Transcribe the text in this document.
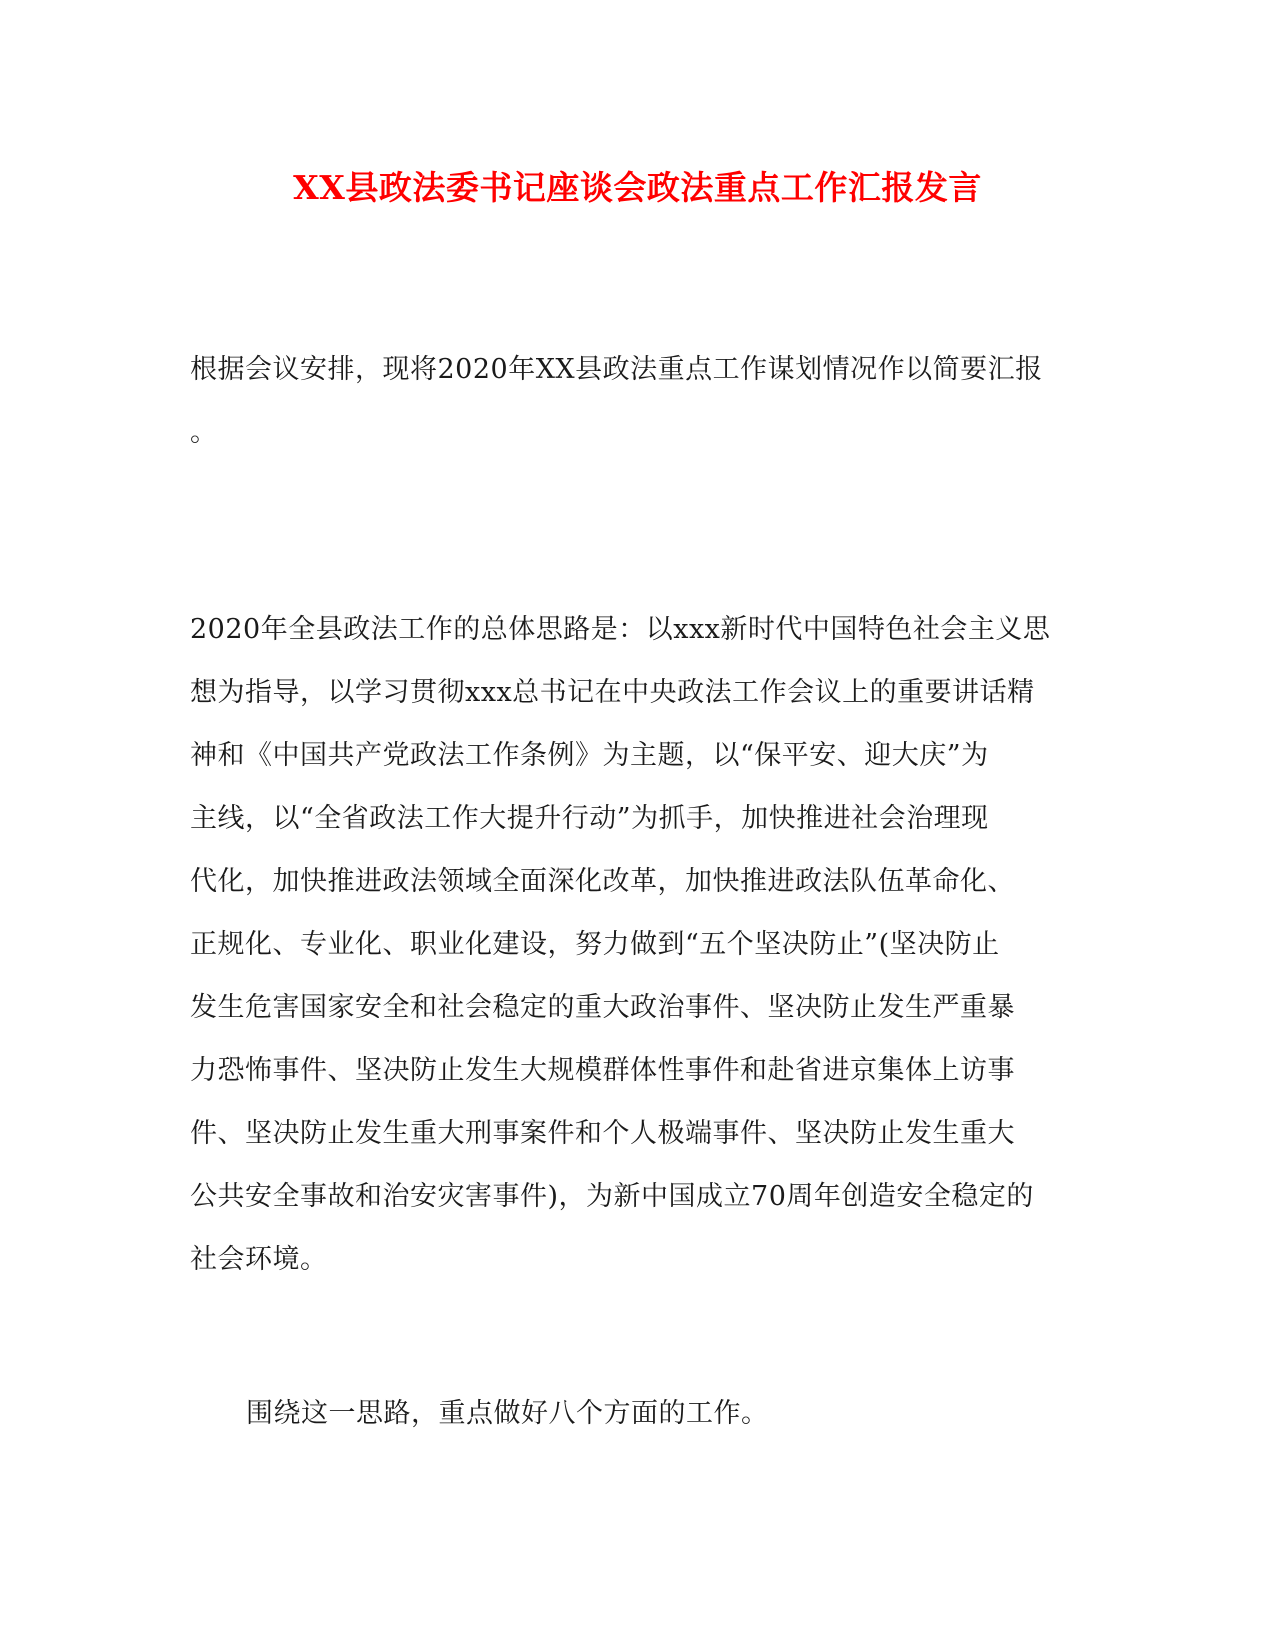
XX县政法委书记座谈会政法重点工作汇报发言
根据会议安排，现将2020年XX县政法重点工作谋划情况作以简要汇报
。
2020年全县政法工作的总体思路是：以xxx新时代中国特色社会主义思
想为指导，以学习贯彻xxx总书记在中央政法工作会议上的重要讲话精
神和《中国共产党政法工作条例》为主题，以“保平安、迎大庆”为
主线，以“全省政法工作大提升行动”为抓手，加快推进社会治理现
代化，加快推进政法领域全面深化改革，加快推进政法队伍革命化、
正规化、专业化、职业化建设，努力做到“五个坚决防止”(坚决防止
发生危害国家安全和社会稳定的重大政治事件、坚决防止发生严重暴
力恐怖事件、坚决防止发生大规模群体性事件和赴省进京集体上访事
件、坚决防止发生重大刑事案件和个人极端事件、坚决防止发生重大
公共安全事故和治安灾害事件)，为新中国成立70周年创造安全稳定的
社会环境。
围绕这一思路，重点做好八个方面的工作。
